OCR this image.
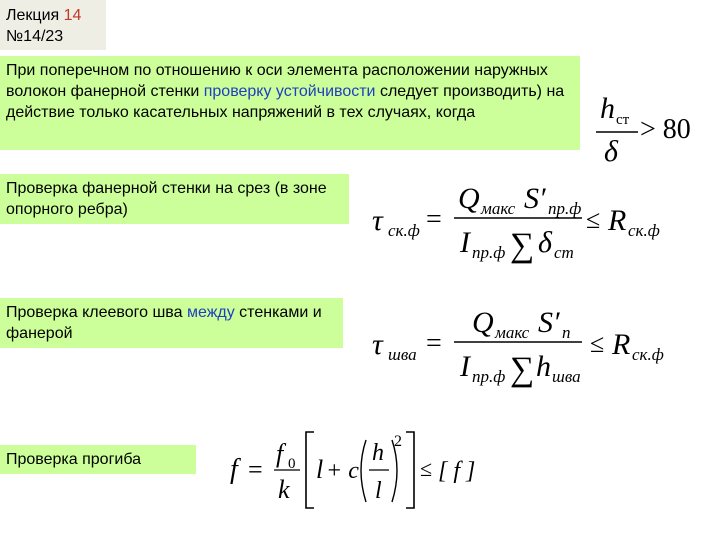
Лекция 14
№14/23
При поперечном по отношению к оси элемента расположении наружных волокон фанерной стенки проверку устойчивости следует производить) на действие только касательных напряжений в тех случаях, когда	h ст
δ
> 80
Проверка фанерной стенки на срез (в зоне опорного ребра)	τ ск.ф =
Q макс S′ пр.ф
I пр.ф ∑ δ ст
≤ R ск.ф
Проверка клеевого шва между стенками и фанерой	τ шва =
Q макс S′ п
I пр.ф ∑ h шва
≤ R ск.ф
Проверка прогиба	f =
f 0
k
l + c
h
l
2
≤ [ f ]
